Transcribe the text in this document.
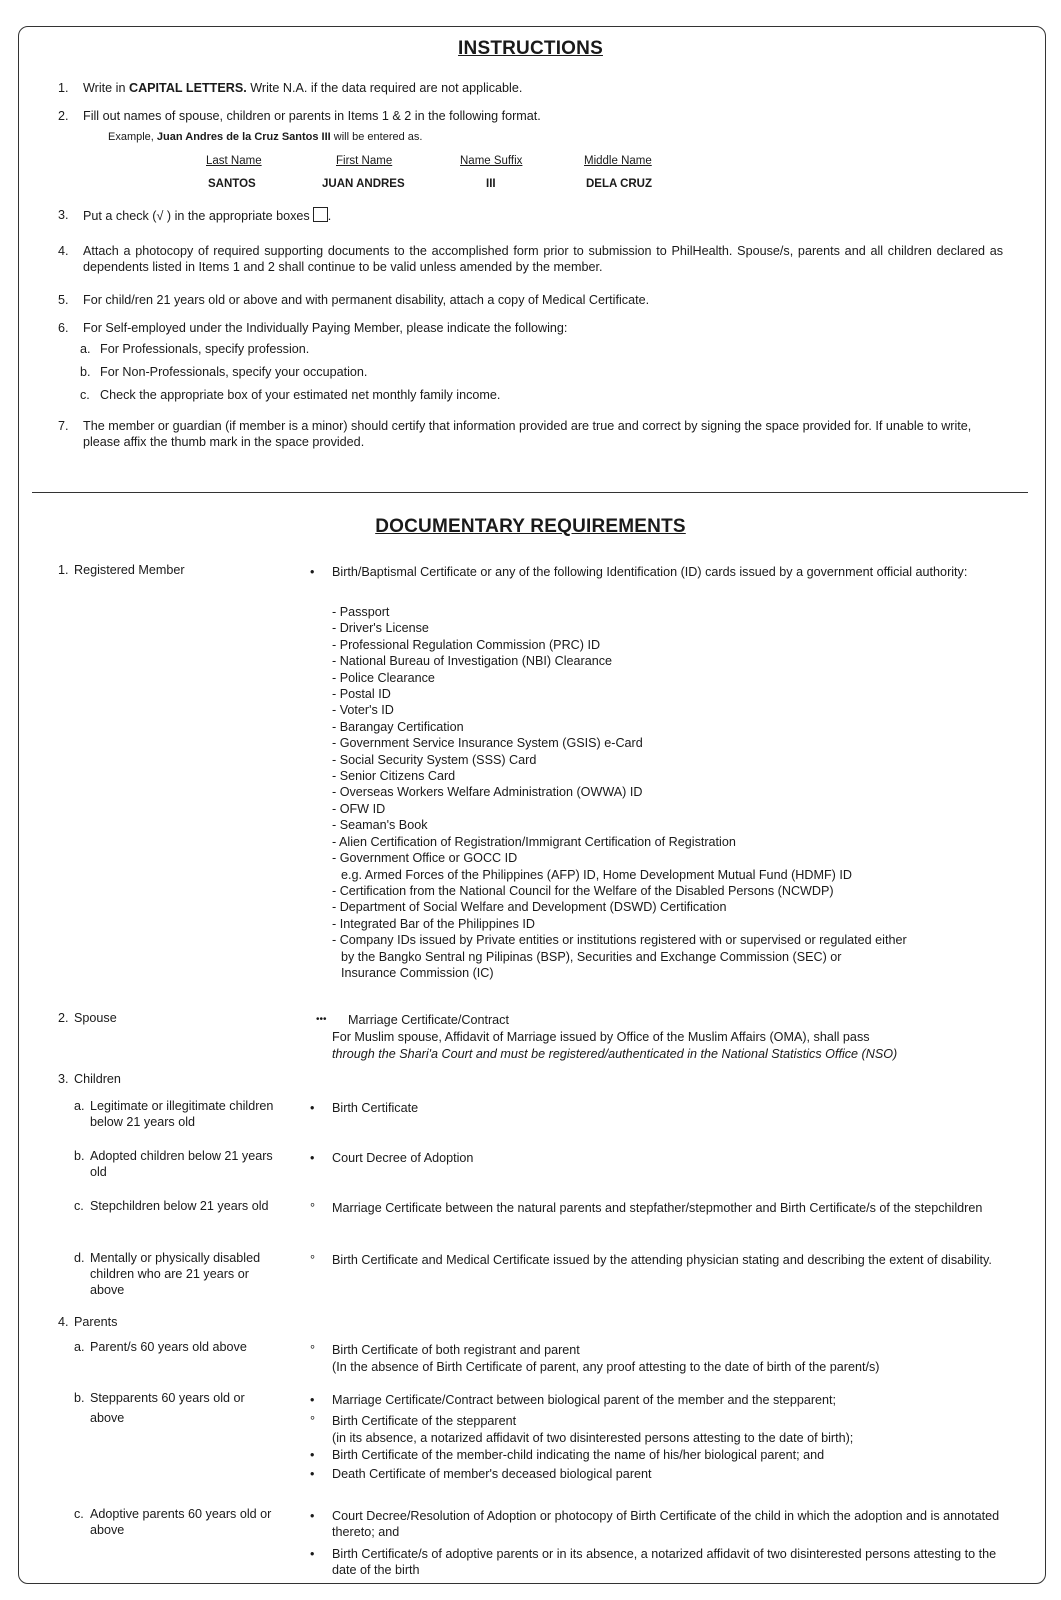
INSTRUCTIONS
1. Write in CAPITAL LETTERS. Write N.A. if the data required are not applicable.
2. Fill out names of spouse, children or parents in Items 1 & 2 in the following format.
Example, Juan Andres de la Cruz Santos III will be entered as.
Last Name	First Name	Name Suffix	Middle Name
SANTOS	JUAN ANDRES	III	DELA CRUZ
3. Put a check (√ ) in the appropriate boxes .
4. Attach a photocopy of required supporting documents to the accomplished form prior to submission to PhilHealth. Spouse/s, parents and all children declared as dependents listed in Items 1 and 2 shall continue to be valid unless amended by the member.
5. For child/ren 21 years old or above and with permanent disability, attach a copy of Medical Certificate.
6. For Self-employed under the Individually Paying Member, please indicate the following:
a. For Professionals, specify profession.
b. For Non-Professionals, specify your occupation.
c. Check the appropriate box of your estimated net monthly family income.
7. The member or guardian (if member is a minor) should certify that information provided are true and correct by signing the space provided for. If unable to write, please affix the thumb mark in the space provided.
DOCUMENTARY REQUIREMENTS
1. Registered Member	• Birth/Baptismal Certificate or any of the following Identification (ID) cards issued by a government official authority:
- Passport
- Driver's License
- Professional Regulation Commission (PRC) ID
- National Bureau of Investigation (NBI) Clearance
- Police Clearance
- Postal ID
- Voter's ID
- Barangay Certification
- Government Service Insurance System (GSIS) e-Card
- Social Security System (SSS) Card
- Senior Citizens Card
- Overseas Workers Welfare Administration (OWWA) ID
- OFW ID
- Seaman's Book
- Alien Certification of Registration/Immigrant Certification of Registration
- Government Office or GOCC ID
e.g. Armed Forces of the Philippines (AFP) ID, Home Development Mutual Fund (HDMF) ID
- Certification from the National Council for the Welfare of the Disabled Persons (NCWDP)
- Department of Social Welfare and Development (DSWD) Certification
- Integrated Bar of the Philippines ID
- Company IDs issued by Private entities or institutions registered with or supervised or regulated either
by the Bangko Sentral ng Pilipinas (BSP), Securities and Exchange Commission (SEC) or
Insurance Commission (IC)
2. Spouse	••• Marriage Certificate/Contract
For Muslim spouse, Affidavit of Marriage issued by Office of the Muslim Affairs (OMA), shall pass
through the Shari'a Court and must be registered/authenticated in the National Statistics Office (NSO)
3. Children
a. Legitimate or illegitimate children below 21 years old
• Birth Certificate
b. Adopted children below 21 years old
• Court Decree of Adoption
c. Stepchildren below 21 years old	° Marriage Certificate between the natural parents and stepfather/stepmother and Birth Certificate/s of the stepchildren
d. Mentally or physically disabled children who are 21 years or above
° Birth Certificate and Medical Certificate issued by the attending physician stating and describing the extent of disability.
4. Parents
a. Parent/s 60 years old above	° Birth Certificate of both registrant and parent
(In the absence of Birth Certificate of parent, any proof attesting to the date of birth of the parent/s)
b. Stepparents 60 years old or above
• Marriage Certificate/Contract between biological parent of the member and the stepparent;
° Birth Certificate of the stepparent
(in its absence, a notarized affidavit of two disinterested persons attesting to the date of birth);
• Birth Certificate of the member-child indicating the name of his/her biological parent; and
• Death Certificate of member's deceased biological parent
c. Adoptive parents 60 years old or above
• Court Decree/Resolution of Adoption or photocopy of Birth Certificate of the child in which the adoption and is annotated thereto; and
• Birth Certificate/s of adoptive parents or in its absence, a notarized affidavit of two disinterested persons attesting to the date of the birth
